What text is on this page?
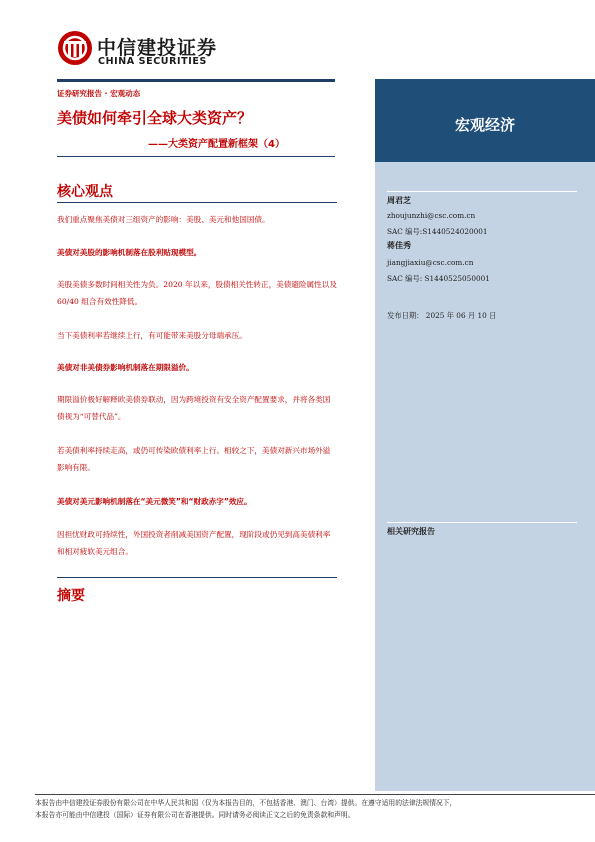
中信建投证券
CHINA SECURITIES
证券研究报告 · 宏观动态
美债如何牵引全球大类资产？
——大类资产配置新框架（4）
核心观点
我们重点聚焦美债对三组资产的影响：美股、美元和他国国债。
美债对美股的影响机制落在股利贴现模型。
美股美债多数时间相关性为负。2020 年以来，股债相关性转正，美债避险属性以及 60/40 组合有效性降低。
当下美债利率若继续上行，有可能带来美股分母端承压。
美债对非美债券影响机制落在期限溢价。
期限溢价极好解释欧美债券联动，因为跨境投资有安全资产配置要求，并将各类国债视为“可替代品”。
若美债利率持续走高，或仍可传染欧债利率上行。相较之下，美债对新兴市场外溢影响有限。
美债对美元影响机制落在“美元微笑”和“财政赤字”效应。
因担忧财政可持续性，外国投资者削减美国资产配置，现阶段或仍见到高美债利率和相对疲软美元组合。
摘要
宏观经济
周君芝
zhoujunzhi@csc.com.cn
SAC 编号:S1440524020001
蒋佳秀
jiangjiaxiu@csc.com.cn
SAC 编号: S1440525050001
发布日期： 2025 年 06 月 10 日
相关研究报告
本报告由中信建投证券股份有限公司在中华人民共和国（仅为本报告目的，不包括香港、澳门、台湾）提供。在遵守适用的法律法规情况下，
本报告亦可能由中信建投（国际）证券有限公司在香港提供。同时请务必阅读正文之后的免责条款和声明。
